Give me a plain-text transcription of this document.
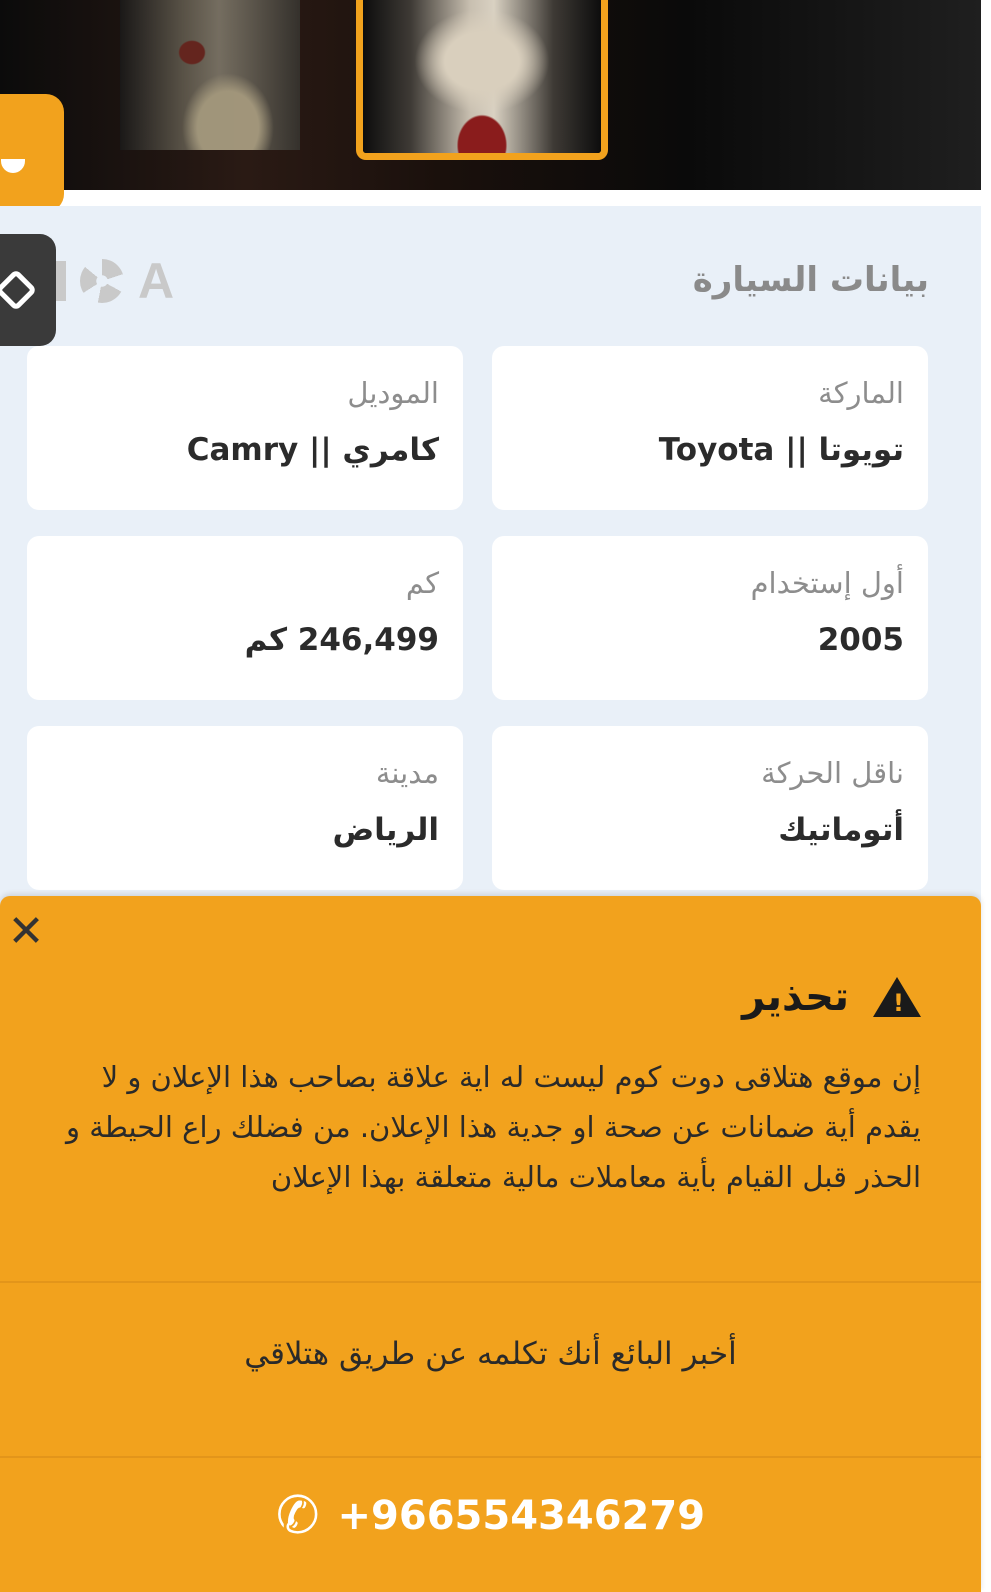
بيانات السيارة
A
الماركة
تويوتا || Toyota
الموديل
كامري || Camry
أول إستخدام
2005
كم
246,499 كم
ناقل الحركة
أتوماتيك
مدينة
الرياض
✕
!
تحذير
إن موقع هتلاقى دوت كوم ليست له اية علاقة بصاحب هذا الإعلان و لا يقدم أية ضمانات عن صحة او جدية هذا الإعلان. من فضلك راع الحيطة و الحذر قبل القيام بأية معاملات مالية متعلقة بهذا الإعلان
أخبر البائع أنك تكلمه عن طريق هتلاقي
✆ +966554346279
